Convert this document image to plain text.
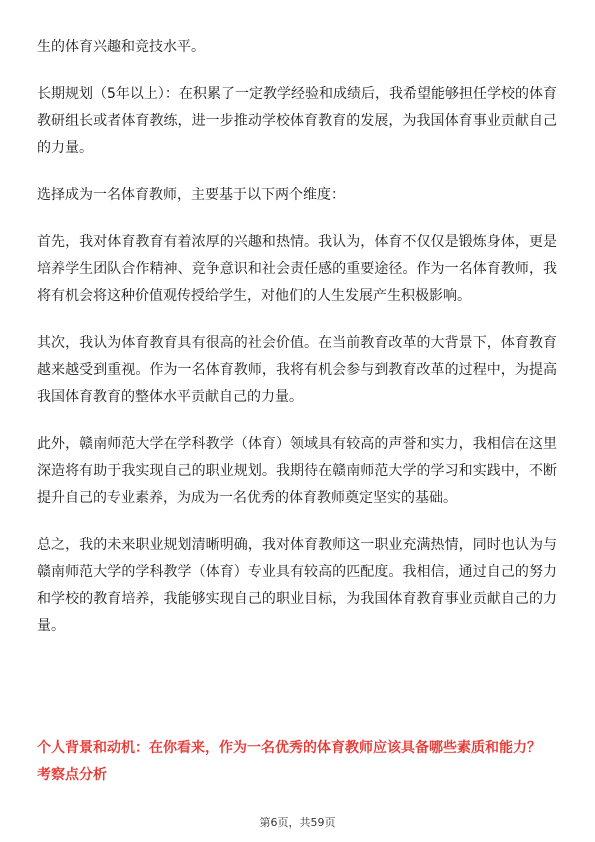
生的体育兴趣和竞技水平。

长期规划（5年以上）：在积累了一定教学经验和成绩后，我希望能够担任学校的体育教研组长或者体育教练，进一步推动学校体育教育的发展，为我国体育事业贡献自己的力量。

选择成为一名体育教师，主要基于以下两个维度：

首先，我对体育教育有着浓厚的兴趣和热情。我认为，体育不仅仅是锻炼身体，更是培养学生团队合作精神、竞争意识和社会责任感的重要途径。作为一名体育教师，我将有机会将这种价值观传授给学生，对他们的人生发展产生积极影响。

其次，我认为体育教育具有很高的社会价值。在当前教育改革的大背景下，体育教育越来越受到重视。作为一名体育教师，我将有机会参与到教育改革的过程中，为提高我国体育教育的整体水平贡献自己的力量。

此外，赣南师范大学在学科教学（体育）领域具有较高的声誉和实力，我相信在这里深造将有助于我实现自己的职业规划。我期待在赣南师范大学的学习和实践中，不断提升自己的专业素养，为成为一名优秀的体育教师奠定坚实的基础。

总之，我的未来职业规划清晰明确，我对体育教师这一职业充满热情，同时也认为与赣南师范大学的学科教学（体育）专业具有较高的匹配度。我相信，通过自己的努力和学校的教育培养，我能够实现自己的职业目标，为我国体育教育事业贡献自己的力量。

个人背景和动机：在你看来，作为一名优秀的体育教师应该具备哪些素质和能力？
考察点分析
第6页，共59页
